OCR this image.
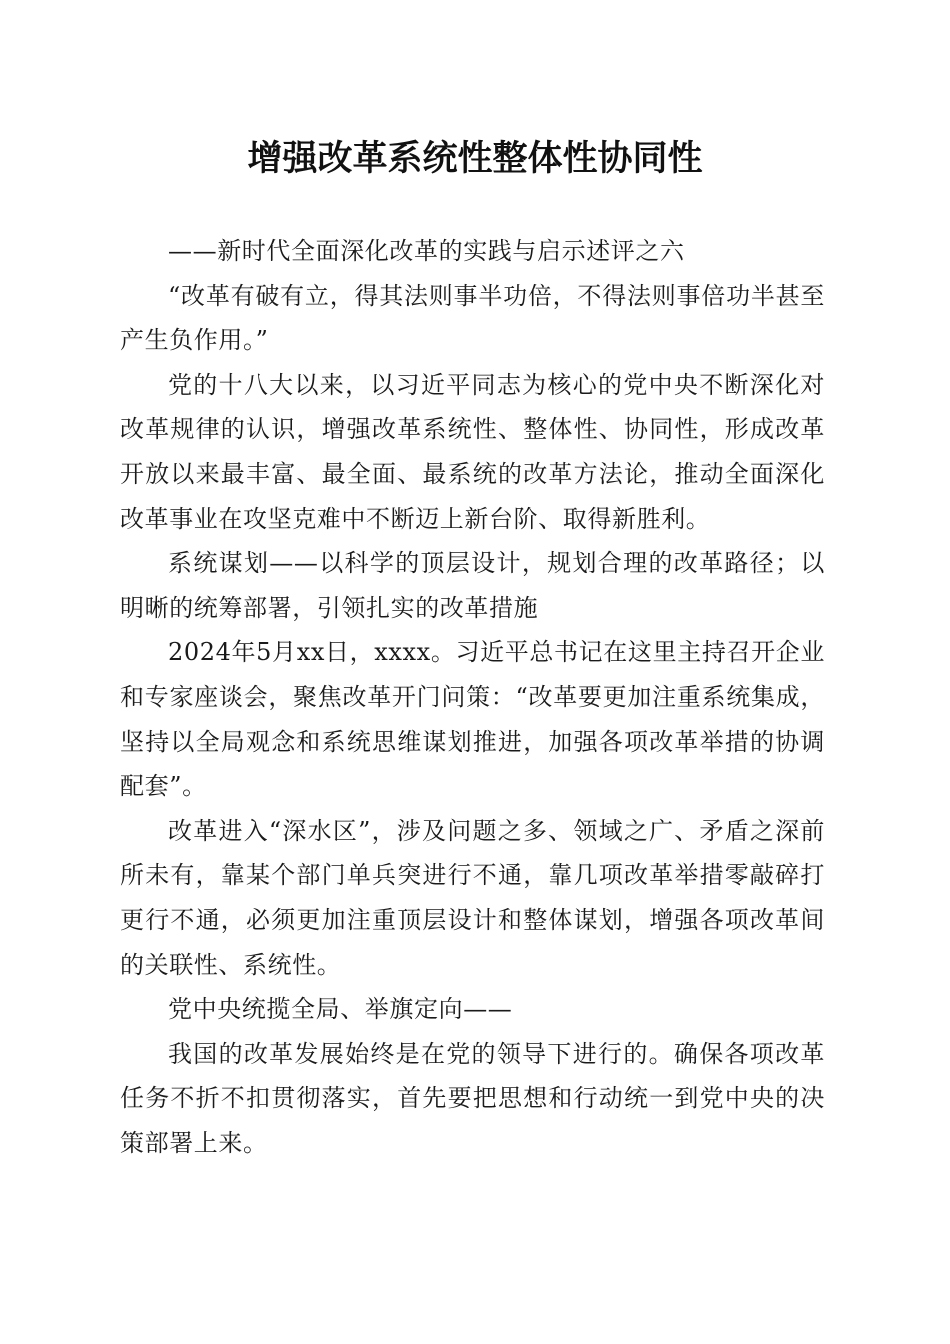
增强改革系统性整体性协同性

——新时代全面深化改革的实践与启示述评之六

“改革有破有立，得其法则事半功倍，不得法则事倍功半甚至产生负作用。”

党的十八大以来，以习近平同志为核心的党中央不断深化对改革规律的认识，增强改革系统性、整体性、协同性，形成改革开放以来最丰富、最全面、最系统的改革方法论，推动全面深化改革事业在攻坚克难中不断迈上新台阶、取得新胜利。

系统谋划——以科学的顶层设计，规划合理的改革路径；以明晰的统筹部署，引领扎实的改革措施

2024年5月xx日，xxxx。习近平总书记在这里主持召开企业和专家座谈会，聚焦改革开门问策：“改革要更加注重系统集成，坚持以全局观念和系统思维谋划推进，加强各项改革举措的协调配套”。

改革进入“深水区”，涉及问题之多、领域之广、矛盾之深前所未有，靠某个部门单兵突进行不通，靠几项改革举措零敲碎打更行不通，必须更加注重顶层设计和整体谋划，增强各项改革间的关联性、系统性。

党中央统揽全局、举旗定向——

我国的改革发展始终是在党的领导下进行的。确保各项改革任务不折不扣贯彻落实，首先要把思想和行动统一到党中央的决策部署上来。
